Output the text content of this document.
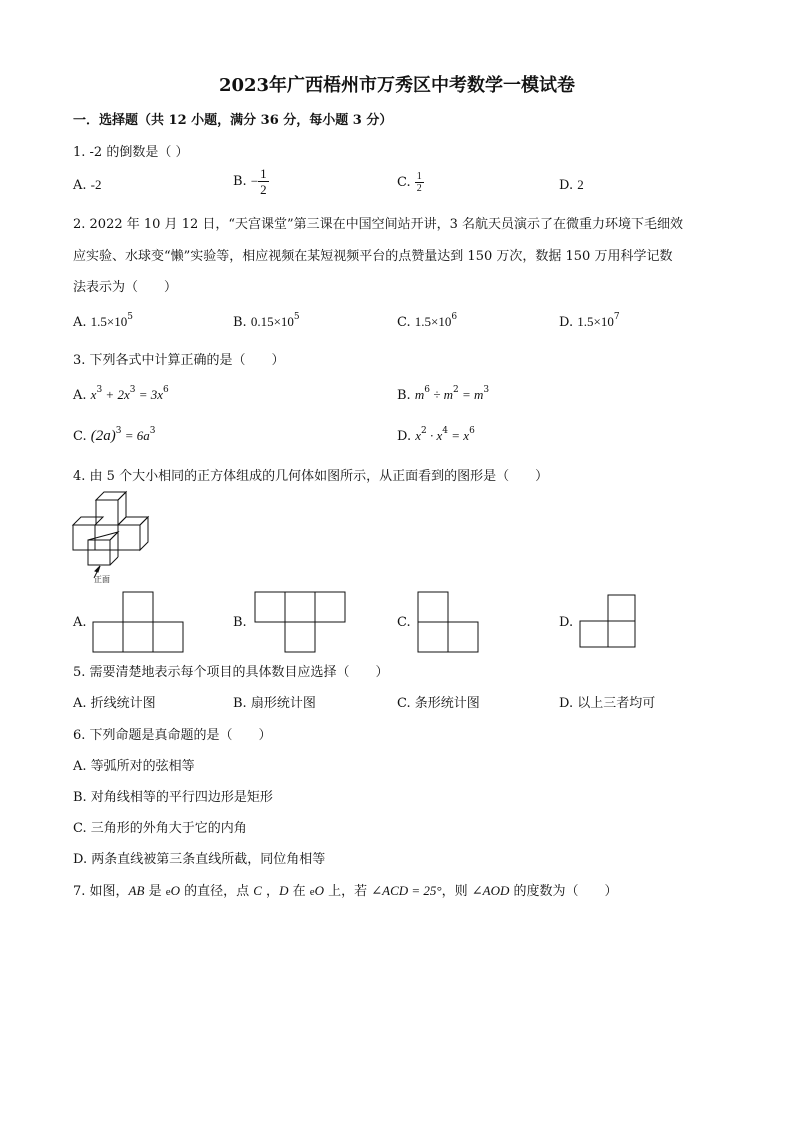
2023年广西梧州市万秀区中考数学一模试卷
一．选择题（共 12 小题，满分 36 分，每小题 3 分）
1. -2 的倒数是（ ）
A. -2	B. − $\frac{1}{2}$	C. $\frac{1}{2}$	D. 2
2. 2022 年 10 月 12 日，“天宫课堂”第三课在中国空间站开讲，3 名航天员演示了在微重力环境下毛细效
应实验、水球变“懒”实验等，相应视频在某短视频平台的点赞量达到 150 万次，数据 150 万用科学记数
法表示为（　　）
A. $1.5\times 10^5$	B. $0.15\times 10^5$	C. $1.5\times 10^6$	D. $1.5\times 10^7$
3. 下列各式中计算正确的是（　　）
A. $x^3 + 2x^3 = 3x^6$	B. $m^6 \div m^2 = m^3$
C. $(2a)^3 = 6a^3$	D. $x^2 \cdot x^4 = x^6$
4. 由 5 个大小相同的正方体组成的几何体如图所示，从正面看到的图形是（　　）
正面
A.	B.	C.	D.
5. 需要清楚地表示每个项目的具体数目应选择（　　）
A. 折线统计图	B. 扇形统计图	C. 条形统计图	D. 以上三者均可
6. 下列命题是真命题的是（　　）
A. 等弧所对的弦相等
B. 对角线相等的平行四边形是矩形
C. 三角形的外角大于它的内角
D. 两条直线被第三条直线所截，同位角相等
7. 如图，AB 是 eO 的直径，点 C ，D 在 eO 上，若 ∠ACD = 25°，则 ∠AOD 的度数为（　　）
